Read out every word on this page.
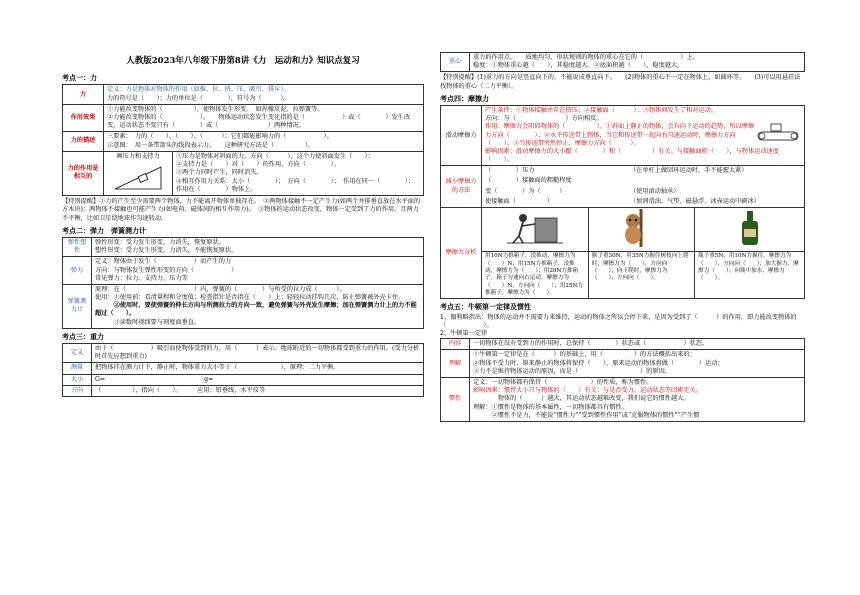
人教版2023年八年级下册第8讲《力　运动和力》知识点复习
考点一：力
力	
定义：力是物体对物体的作用（如推、拉、挤、压、吸引、排斥）。
力的符号是（　　）；力的单位是（　　　　），符号为（　　　）。

作用效果	
①力能改变物体的（　　　　　），使物体发生形变。　如捏橡皮泥、拉弹簧等。
②力能改变物体的（　　　　　　）。　　物体运动状态发生变化指的是（　　　　　　）或（　　　　）发生改变，运动状态不变只有（　　　　）或（　　　　　　　　）两种情况。

力的描述	
三要素：　力的（　　）、（　　）、（　　　）；它们都能影响力的（　　　　　　）。
示意图：　用一条带箭头的线段表示力。　　这种研究方法是（　　　　　）。

力的作用是相互的	
画压力和支持力	①压力是物体对斜面的力，方向（　　　），这个力使斜面发生（　　）；
②支持力是（　　）对（　　）的作用，方向（　　　　）。
③两个力同时产生，同时消失。
④相互作用力关系：大小（　　　　）；　方向（　　　　）；　作用在同一（　　　　）；　作用在（　　　　）物体上。
【特别提醒】①力的产生至少需要两个物体，力不能离开物体单独存在。　②两物体接触不一定产生力(如两个并排垂直放在水平面的方木块)；两物体不接触也可能产生力(如电荷、磁体间的相互作用力)。　③物体的运动状态改变，物体一定受到了力的作用，且两力不平衡，比如卫星绕地球作匀速转动。
考点二：弹力　弹簧测力计
弹性塑性	弹性形变：受力发生形变，力消失，恢复原状。
塑性形变：受力发生形变，力消失，不能恢复原状。

弹力	定义：物体由于发生（　　　　　　）而产生的力
方向：与物体发生弹性形变的方向（　　　　　　）
常见弹力：拉力、支持力、压力等

弹簧测力计	原理：在（　　　　　　　　　　　）内，弹簧的（　　　　）与所受的拉力成（　　　）。
使用：①使用前：看清量程和分度值；检查指针是否指在（　　）上；轻轻拉动挂钩几次，防止弹簧被外壳卡住。
　　　②使用时，要使弹簧的伸长方向与所测拉力的方向一致，避免弹簧与外壳发生摩擦；加在弹簧测力计上的力不能超过（　　）。
　　　③读数时视线要与刻度面垂直。
考点三：重力
定义	由于（　　　　　　）吸引而使物体受到的力，用（　　　）表示。地球附近的一切物体都受到重力的作用。(受力分析时首先应想到重力)
测量	把物体挂在测力计下，静止时，物体重力大小等于（　　　　　　　），原理：二力平衡。
大小	G=　　　　　　　　　　　　　　　　g=
方向	（　　　　　），指向（　　）。　　　应用：铅垂线、水平仪等
重心	
重力的作用点。　　质地均匀、形状规则的物体的重心在它的（　　　　　　）上。
稳度：①物体重心越（　　），其稳度越大。②底面积越（　　），稳度越大。
【特别提醒】(1)重力的方向是竖直向下的，不能说成垂直向下。　　(2)物体的重心不一定在物体上，如圆环等。　　(3)可以用悬挂法找物体的重心（二力平衡）。
考点四：摩擦力
滑动摩擦力	产生条件：①物体接触并存在挤压；②接触面（　　　）；③物体间发生了相对运动。
方向：与（　　　　　　　　）方向相反。
作用：摩擦力会阻碍物体的（　　　　　）。①斜面上静止的物体，会有向下运动的趋势，所以摩擦力方向（　　　　）；②水平传送带上物体，当它和传送带一起向右匀速运动时，摩擦力方向（　　）；③当传送带突然停止，摩擦力方向（　　　）。
影响因素：滑动摩擦力的大小跟（　　　　）和（　　　　　）有关。与接触面积（　　），与物体运动速度（　　）。

减小摩擦力的方法	
（　　　　）压力	（在单杠上做回环运动时，手不能握太紧）
（　　　　）接触面的粗糙程度	
变（　　　　）为（　　　）	（使用滚动轴承）
使接触面（　　　　　）	（加润滑油、气垫、磁悬浮、冰壶运动中刷冰）

摩擦力分析	

用10N力推箱子，没推动，摩擦力为（　　）N；用15N力推箱子，没推动，摩擦力为（　　）；用20N力推箱子，箱子匀速向右运动，摩擦力为（　　）N，方向向（　　）；用25N力推箱子，摩擦力为（　　）。	猴子重30N，用35N力握住树枝向上爬时，摩擦力为（　　），方向向（　　）；向下爬时，摩擦力为（　　），方向向（　　）。	瓶子重5N，用10N力握住，摩擦力为（　　），方向向（　　）；加大握力，摩擦力（　　）；向瓶中加水，摩擦力（　　）。
考点五：牛顿第一定律及惯性
1、伽利略指出：物体的运动并不需要力来维持，运动的物体之所以会停下来，是因为受到了（　　　）的作用，即力能改变物体的（　　　　　　）。
2、牛顿第一定律
内容	一切物体在没有受到力的作用时，总保持（　　　　）状态或（　　　　　　）状态。
理解	①牛顿第一定律是在（　　　）的基础上，用（　　　　　）的方法概括出来的；
②物体不受力时，原来静止的物体将保持（　　），原来运动的物体将做（　　　　）运动；
③力不是维持物体运动的原因，而是（　　　　　　　　　　）的原因。

惯性	定义：一切物体都有保持（　　　　　　　）的性质，称为惯性。
影响因素：惯性大小只与物体的（　　）有关；与是否受力、运动状态等因素无关。
　　　　物体的（　　　）越大，其运动状态越难改变，我们说它的惯性越大。
理解：①惯性是物体的基本属性，一切物体都具有惯性。
　　　②惯性不是力，不能说“惯性力”“受到惯性作用”或“克服物体的惯性”“产生惯
